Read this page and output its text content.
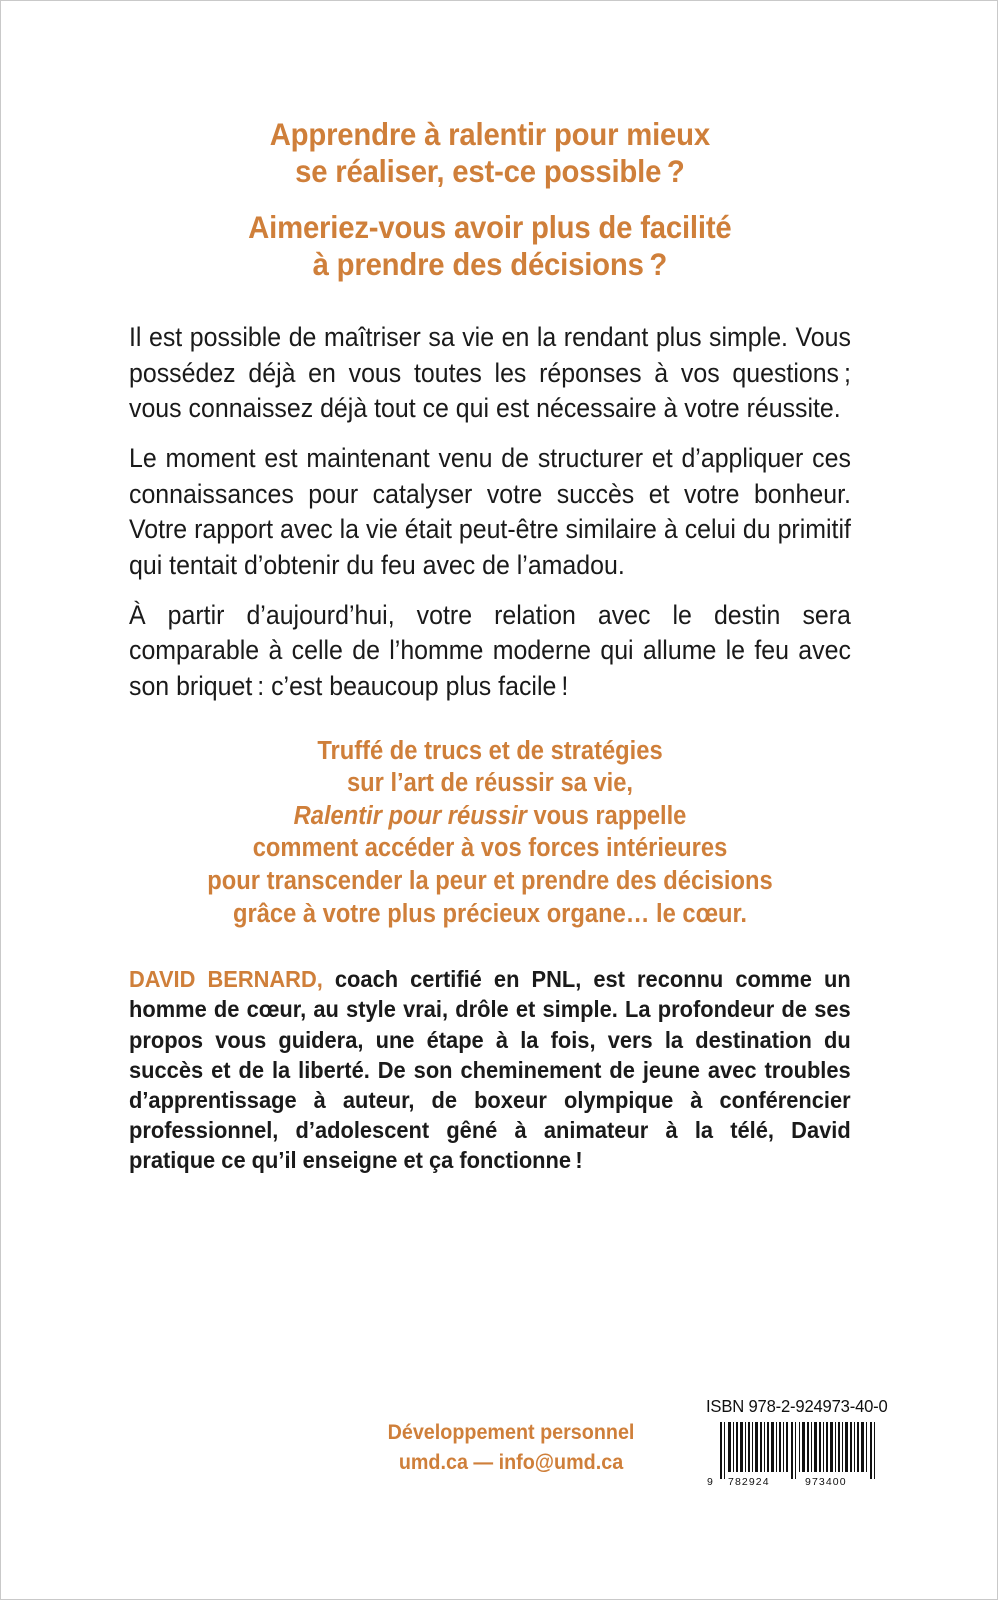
Apprendre à ralentir pour mieux
se réaliser, est-ce possible ?
Aimeriez-vous avoir plus de facilité
à prendre des décisions ?

Il est possible de maîtriser sa vie en la rendant plus simple. Vous possédez déjà en vous toutes les réponses à vos questions ; vous connaissez déjà tout ce qui est nécessaire à votre réussite.

Le moment est maintenant venu de structurer et d’appliquer ces connaissances pour catalyser votre succès et votre bonheur. Votre rapport avec la vie était peut-être similaire à celui du primitif qui tentait d’obtenir du feu avec de l’amadou.

À partir d’aujourd’hui, votre relation avec le destin sera comparable à celle de l’homme moderne qui allume le feu avec son briquet : c’est beaucoup plus facile !

Truffé de trucs et de stratégies
sur l’art de réussir sa vie,
Ralentir pour réussir vous rappelle
comment accéder à vos forces intérieures
pour transcender la peur et prendre des décisions
grâce à votre plus précieux organe… le cœur.
DAVID BERNARD, coach certifié en PNL, est reconnu comme un homme de cœur, au style vrai, drôle et simple. La profondeur de ses propos vous guidera, une étape à la fois, vers la destination du succès et de la liberté. De son cheminement de jeune avec troubles d’apprentissage à auteur, de boxeur olympique à conférencier professionnel, d’adolescent gêné à animateur à la télé, David pratique ce qu’il enseigne et ça fonctionne !
Développement personnel
umd.ca — info@umd.ca
ISBN 978-2-924973-40-0
9 782924	973400
